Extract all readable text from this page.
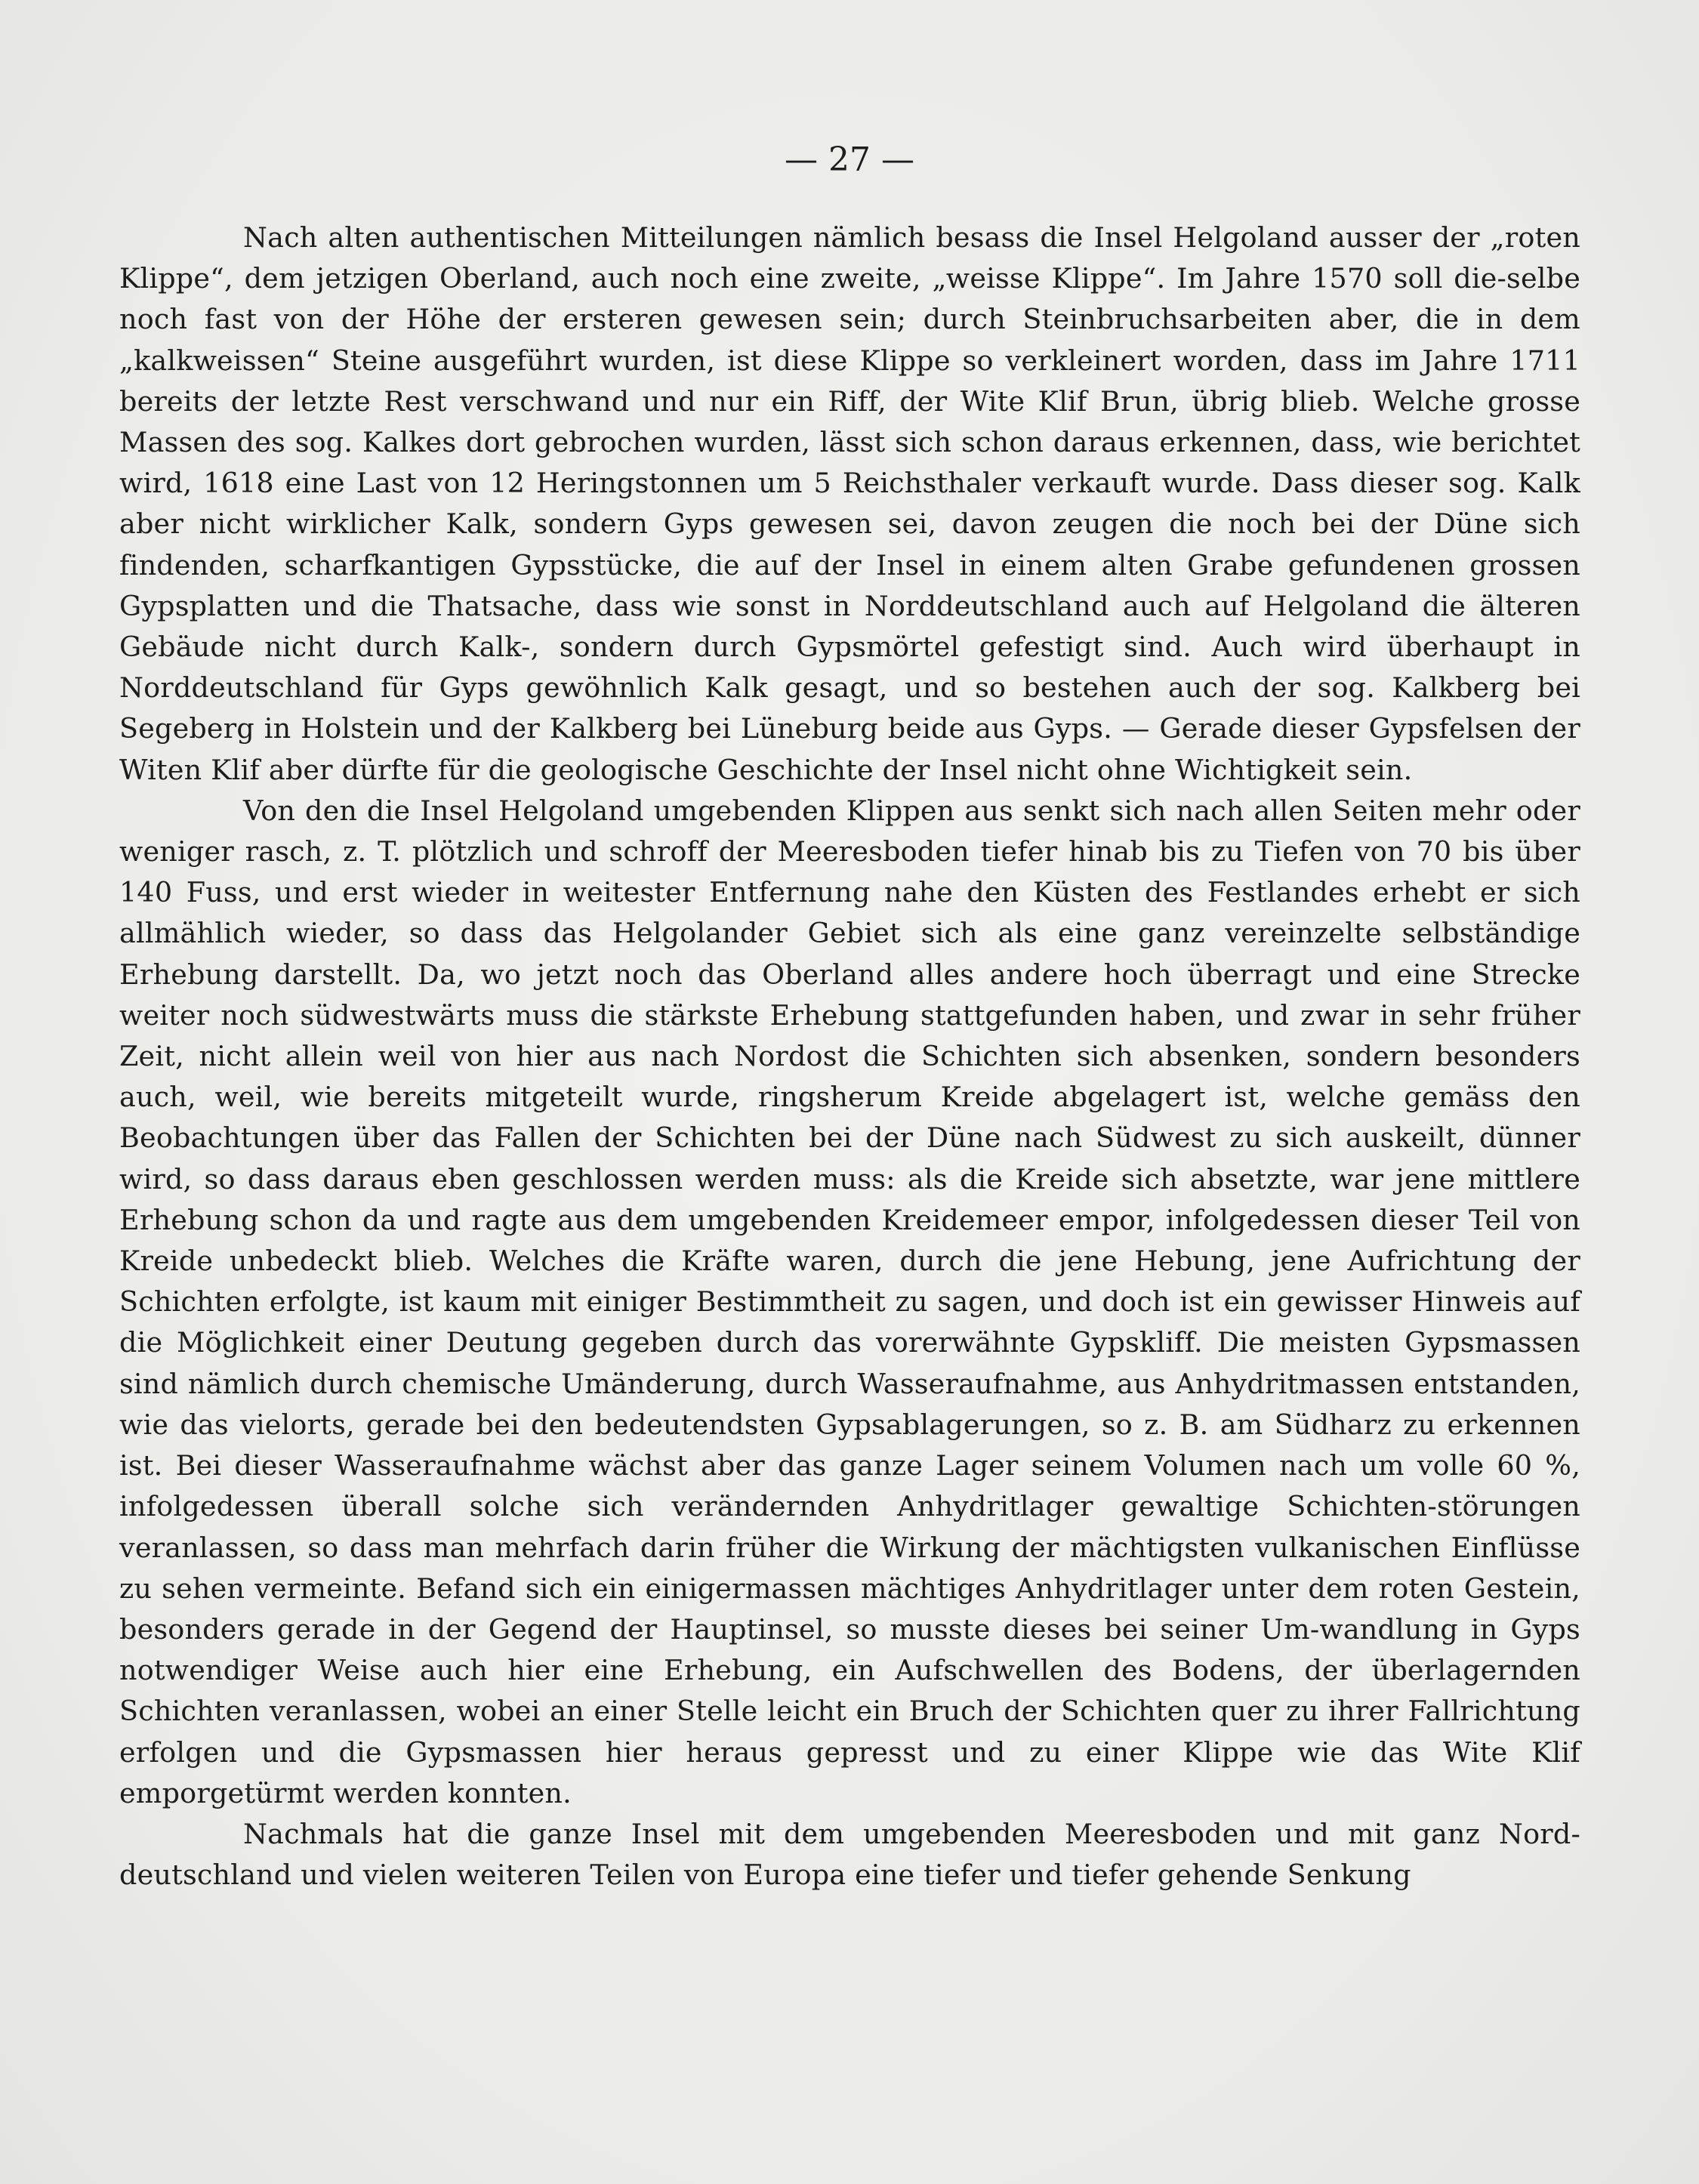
— 27 —

Nach alten authentischen Mitteilungen nämlich besass die Insel Helgoland ausser der „roten Klippe“, dem jetzigen Oberland, auch noch eine zweite, „weisse Klippe“. Im Jahre 1570 soll die-selbe noch fast von der Höhe der ersteren gewesen sein; durch Steinbruchsarbeiten aber, die in dem „kalkweissen“ Steine ausgeführt wurden, ist diese Klippe so verkleinert worden, dass im Jahre 1711 bereits der letzte Rest verschwand und nur ein Riff, der Wite Klif Brun, übrig blieb. Welche grosse Massen des sog. Kalkes dort gebrochen wurden, lässt sich schon daraus erkennen, dass, wie berichtet wird, 1618 eine Last von 12 Heringstonnen um 5 Reichsthaler verkauft wurde. Dass dieser sog. Kalk aber nicht wirklicher Kalk, sondern Gyps gewesen sei, davon zeugen die noch bei der Düne sich findenden, scharfkantigen Gypsstücke, die auf der Insel in einem alten Grabe gefundenen grossen Gypsplatten und die Thatsache, dass wie sonst in Norddeutschland auch auf Helgoland die älteren Gebäude nicht durch Kalk-, sondern durch Gypsmörtel gefestigt sind. Auch wird überhaupt in Norddeutschland für Gyps gewöhnlich Kalk gesagt, und so bestehen auch der sog. Kalkberg bei Segeberg in Holstein und der Kalkberg bei Lüneburg beide aus Gyps. — Gerade dieser Gypsfelsen der Witen Klif aber dürfte für die geologische Geschichte der Insel nicht ohne Wichtigkeit sein.

Von den die Insel Helgoland umgebenden Klippen aus senkt sich nach allen Seiten mehr oder weniger rasch, z. T. plötzlich und schroff der Meeresboden tiefer hinab bis zu Tiefen von 70 bis über 140 Fuss, und erst wieder in weitester Entfernung nahe den Küsten des Festlandes erhebt er sich allmählich wieder, so dass das Helgolander Gebiet sich als eine ganz vereinzelte selbständige Erhebung darstellt. Da, wo jetzt noch das Oberland alles andere hoch überragt und eine Strecke weiter noch südwestwärts muss die stärkste Erhebung stattgefunden haben, und zwar in sehr früher Zeit, nicht allein weil von hier aus nach Nordost die Schichten sich absenken, sondern besonders auch, weil, wie bereits mitgeteilt wurde, ringsherum Kreide abgelagert ist, welche gemäss den Beobachtungen über das Fallen der Schichten bei der Düne nach Südwest zu sich auskeilt, dünner wird, so dass daraus eben geschlossen werden muss: als die Kreide sich absetzte, war jene mittlere Erhebung schon da und ragte aus dem umgebenden Kreidemeer empor, infolgedessen dieser Teil von Kreide unbedeckt blieb. Welches die Kräfte waren, durch die jene Hebung, jene Aufrichtung der Schichten erfolgte, ist kaum mit einiger Bestimmtheit zu sagen, und doch ist ein gewisser Hinweis auf die Möglichkeit einer Deutung gegeben durch das vorerwähnte Gypskliff. Die meisten Gypsmassen sind nämlich durch chemische Umänderung, durch Wasseraufnahme, aus Anhydritmassen entstanden, wie das vielorts, gerade bei den bedeutendsten Gypsablagerungen, so z. B. am Südharz zu erkennen ist. Bei dieser Wasseraufnahme wächst aber das ganze Lager seinem Volumen nach um volle 60 %, infolgedessen überall solche sich verändernden Anhydritlager gewaltige Schichten-störungen veranlassen, so dass man mehrfach darin früher die Wirkung der mächtigsten vulkanischen Einflüsse zu sehen vermeinte. Befand sich ein einigermassen mächtiges Anhydritlager unter dem roten Gestein, besonders gerade in der Gegend der Hauptinsel, so musste dieses bei seiner Um-wandlung in Gyps notwendiger Weise auch hier eine Erhebung, ein Aufschwellen des Bodens, der überlagernden Schichten veranlassen, wobei an einer Stelle leicht ein Bruch der Schichten quer zu ihrer Fallrichtung erfolgen und die Gypsmassen hier heraus gepresst und zu einer Klippe wie das Wite Klif emporgetürmt werden konnten.

Nachmals hat die ganze Insel mit dem umgebenden Meeresboden und mit ganz Nord-deutschland und vielen weiteren Teilen von Europa eine tiefer und tiefer gehende Senkung
